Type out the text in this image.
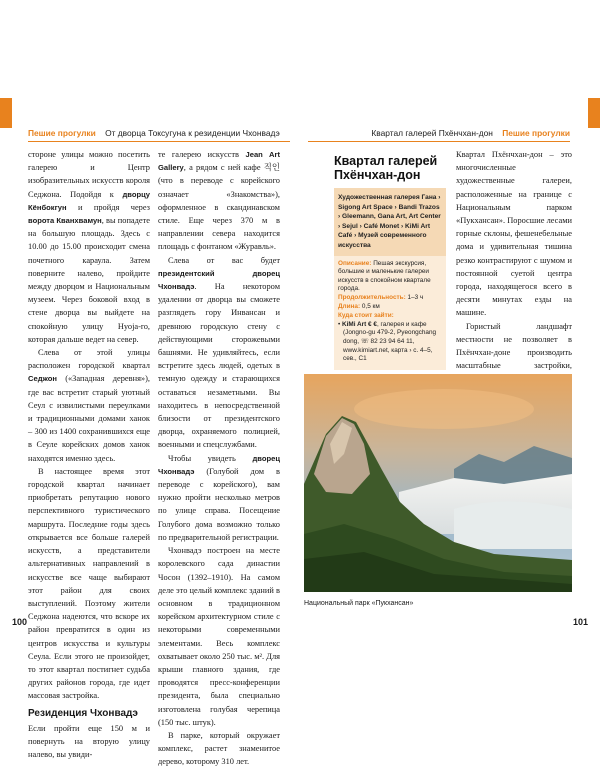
Пешие прогулки От дворца Токсугуна к резиденции Чхонвадэ	Квартал галерей Пхёнчхан-дон Пешие прогулки

стороне улицы можно посетить галерею и Центр изобразительных искусств короля Седжона. Подойдя к дворцу Кёнбокгун и пройдя через ворота Кванхвамун, вы попадете на большую площадь. Здесь с 10.00 до 15.00 происходит смена почетного караула. Затем поверните налево, пройдите между дворцом и Национальным музеем. Через боковой вход в стене дворца вы выйдете на спокойную улицу Нуоja-ro, которая дальше ведет на север.

Слева от этой улицы расположен городской квартал Седжон («Западная деревня»), где вас встретит старый уютный Сеул с извилистыми переулками и традиционными домами ханок – 300 из 1400 сохранившихся еще в Сеуле корейских домов ханок находятся именно здесь.

В настоящее время этот городской квартал начинает приобретать репутацию нового перспективного туристического маршрута. Последние годы здесь открывается все больше галерей искусств, а представители альтернативных направлений в искусстве все чаще выбирают этот район для своих выступлений. Поэтому жители Седжона надеются, что вскоре их район превратится в один из центров искусства и культуры Сеула. Если этого не произойдет, то этот квартал постигнет судьба других районов города, где идет массовая застройка.

Резиденция Чхонвадэ

Если пройти еще 150 м и повернуть на вторую улицу налево, вы увиди-

те галерею искусств Jean Art Gallery, а рядом с ней кафе 직인 (что в переводе с корейского означает «Знакомства»), оформленное в скандинавском стиле. Еще через 370 м в направлении севера находится площадь с фонтаном «Журавль».

Слева от вас будет президентский дворец Чхонвадэ. На некотором удалении от дворца вы сможете разглядеть гору Инвансан и древнюю городскую стену с действующими сторожевыми башнями. Не удивляйтесь, если встретите здесь людей, одетых в темную одежду и старающихся оставаться незаметными. Вы находитесь в непосредственной близости от президентского дворца, охраняемого полицией, военными и спецслужбами.

Чтобы увидеть дворец Чхонвадэ (Голубой дом в переводе с корейского), вам нужно пройти несколько метров по улице справа. Посещение Голубого дома возможно только по предварительной регистрации.

Чхонвадэ построен на месте королевского сада династии Чосон (1392–1910). На самом деле это целый комплекс зданий в основном в традиционном корейском архитектурном стиле с некоторыми современными элементами. Весь комплекс охватывает около 250 тыс. м². Для крыши главного здания, где проводятся пресс-конференции президента, была специально изготовлена голубая черепица (150 тыс. штук).

В парке, который окружает комплекс, растет знаменитое дерево, которому 310 лет.

Квартал галерей Пхёнчхан-дон
Художественная галерея Гана › Sigong Art Space › Bandi Trazos › Gleemann, Gana Art, Art Center › Sejul › Café Monet › KiMi Art Café › Музей современного искусства
Описание: Пешая экскурсия, большие и маленькие галереи искусств в спокойном квартале города.
Продолжительность: 1–3 ч
Длина: 0,5 км
Куда стоит зайти:
• KiMi Art € €, галерея и кафе (Jongno-gu 479-2, Pyeongchang dong, ☏ 82 23 94 64 11, www.kimiart.net, карта › с. 4–5, сев., С1

Квартал Пхёнчхан-дон – это многочисленные художественные галереи, расположенные на границе с Национальным парком «Пукхансан». Поросшие лесами горные склоны, фешенебельные дома и удивительная тишина резко контрастируют с шумом и постоянной суетой центра города, находящегося всего в десяти минутах езды на машине.

Гористый ландшафт местности не позволяет в Пхёнчхан-доне производить масштабные застройки,

Национальный парк «Пукхансан»
100	101
